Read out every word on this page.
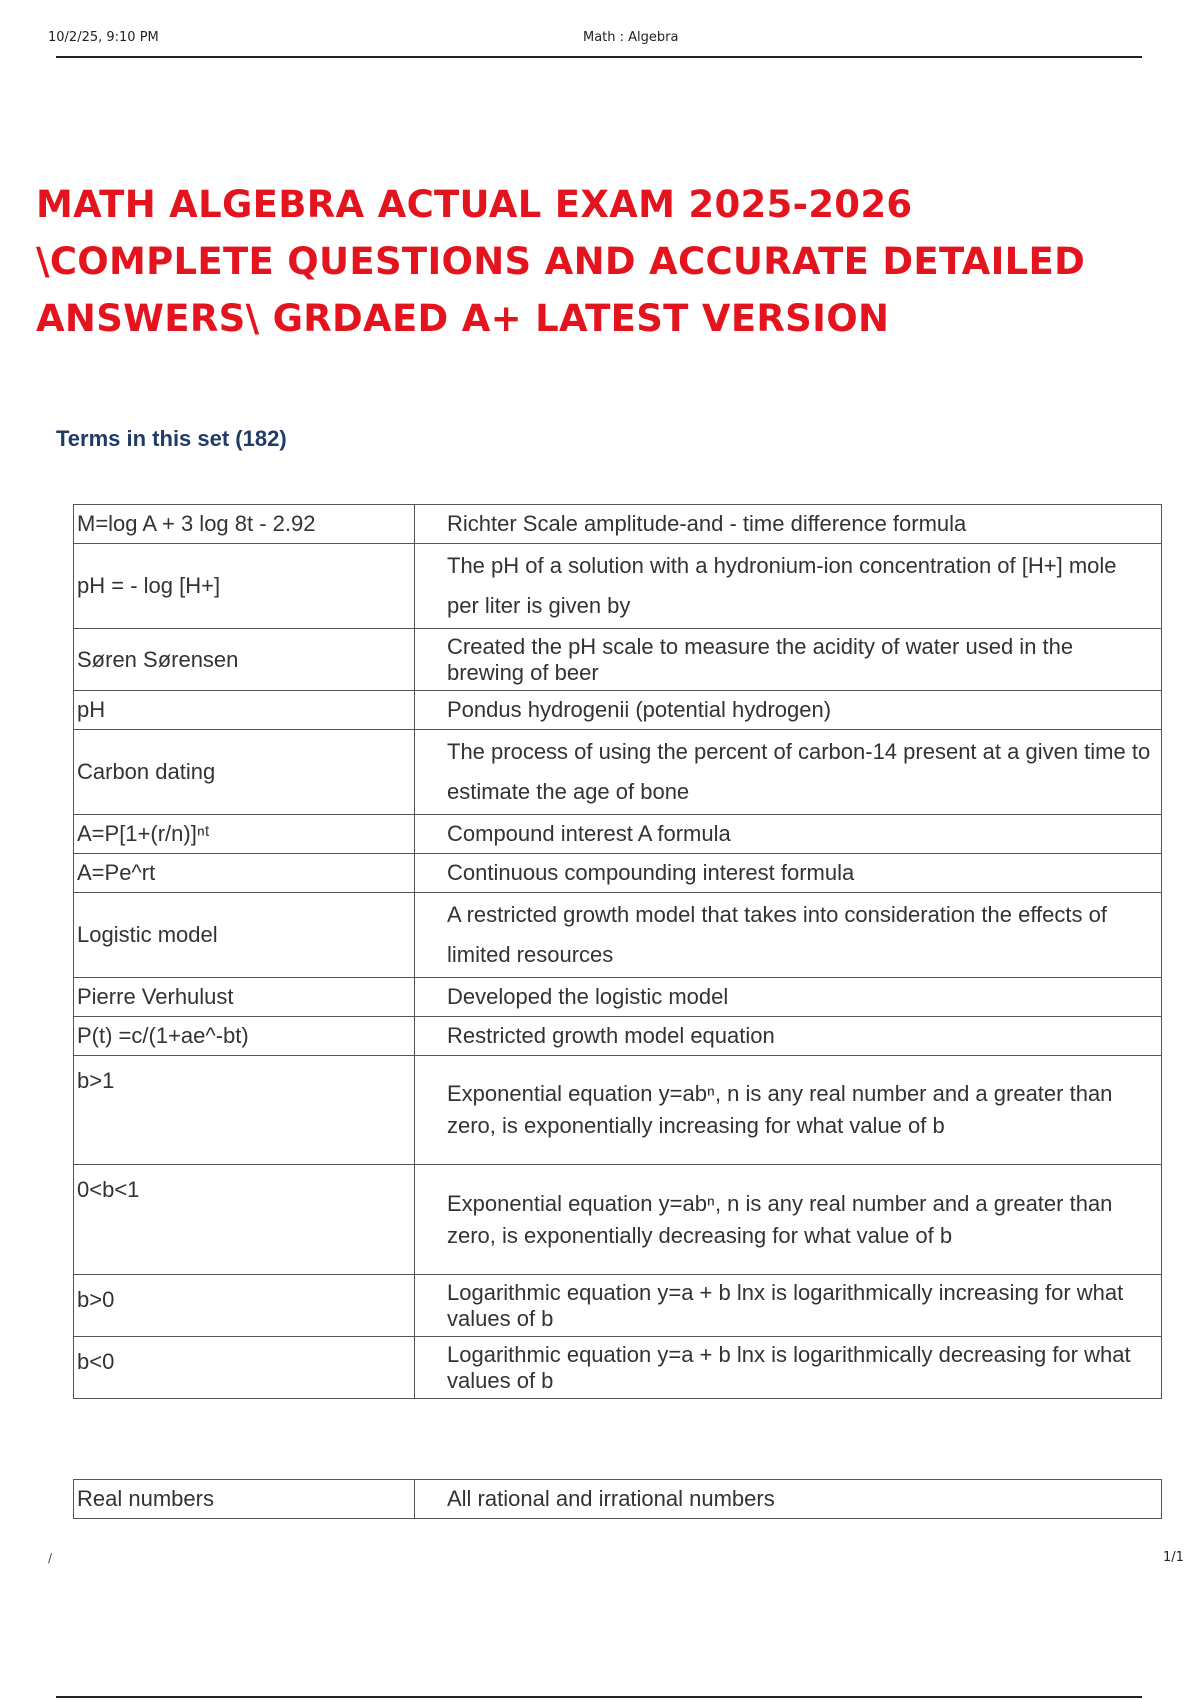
10/2/25, 9:10 PM	Math : Algebra
MATH ALGEBRA ACTUAL EXAM 2025-2026
\COMPLETE QUESTIONS AND ACCURATE DETAILED
ANSWERS\ GRDAED A+ LATEST VERSION
Terms in this set (182)
M=log A + 3 log 8t - 2.92	Richter Scale amplitude-and - time difference formula
pH = - log [H+]	The pH of a solution with a hydronium-ion concentration of [H+] mole per liter is given by
Søren Sørensen	Created the pH scale to measure the acidity of water used in the brewing of beer
pH	Pondus hydrogenii (potential hydrogen)
Carbon dating	The process of using the percent of carbon-14 present at a given time to estimate the age of bone
A=P[1+(r/n)]ⁿᵗ	Compound interest A formula
A=Pe^rt	Continuous compounding interest formula
Logistic model	A restricted growth model that takes into consideration the effects of limited resources
Pierre Verhulust	Developed the logistic model
P(t) =c/(1+ae^-bt)	Restricted growth model equation
b>1	Exponential equation y=abⁿ, n is any real number and a greater than zero, is exponentially increasing for what value of b
0<b<1	Exponential equation y=abⁿ, n is any real number and a greater than zero, is exponentially decreasing for what value of b
b>0	Logarithmic equation y=a + b lnx is logarithmically increasing for what values of b
b<0	Logarithmic equation y=a + b lnx is logarithmically decreasing for what values of b
Real numbers	All rational and irrational numbers
/	1/1
